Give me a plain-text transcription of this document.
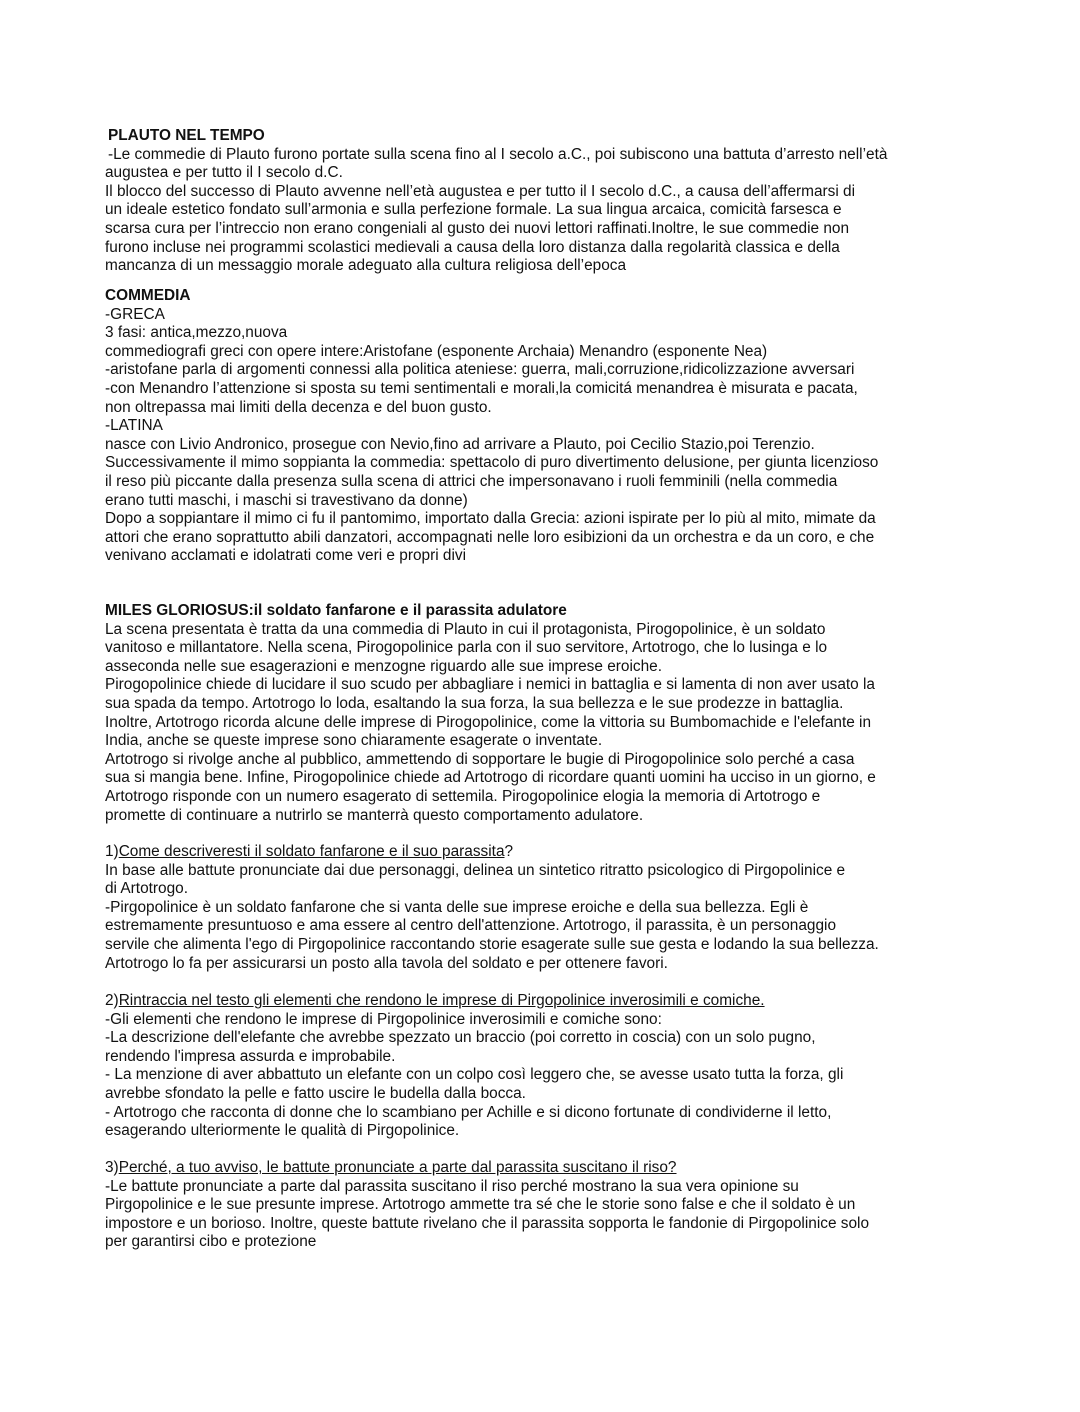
PLAUTO NEL TEMPO
-Le commedie di Plauto furono portate sulla scena fino al I secolo a.C., poi subiscono una battuta d’arresto nell’età
augustea e per tutto il I secolo d.C.
Il blocco del successo di Plauto avvenne nell’età augustea e per tutto il I secolo d.C., a causa dell’affermarsi di
un ideale estetico fondato sull’armonia e sulla perfezione formale. La sua lingua arcaica, comicità farsesca e
scarsa cura per l’intreccio non erano congeniali al gusto dei nuovi lettori raffinati.Inoltre, le sue commedie non
furono incluse nei programmi scolastici medievali a causa della loro distanza dalla regolarità classica e della
mancanza di un messaggio morale adeguato alla cultura religiosa dell’epoca
COMMEDIA
-GRECA
3 fasi: antica,mezzo,nuova
commediografi greci con opere intere:Aristofane (esponente Archaia) Menandro (esponente Nea)
-aristofane parla di argomenti connessi alla politica ateniese: guerra, mali,corruzione,ridicolizzazione avversari
-con Menandro l’attenzione si sposta su temi sentimentali e morali,la comicitá menandrea è misurata e pacata,
non oltrepassa mai limiti della decenza e del buon gusto.
-LATINA
nasce con Livio Andronico, prosegue con Nevio,fino ad arrivare a Plauto, poi Cecilio Stazio,poi Terenzio.
Successivamente il mimo soppianta la commedia: spettacolo di puro divertimento delusione, per giunta licenzioso
il reso più piccante dalla presenza sulla scena di attrici che impersonavano i ruoli femminili (nella commedia
erano tutti maschi, i maschi si travestivano da donne)
Dopo a soppiantare il mimo ci fu il pantomimo, importato dalla Grecia: azioni ispirate per lo più al mito, mimate da
attori che erano soprattutto abili danzatori, accompagnati nelle loro esibizioni da un orchestra e da un coro, e che
venivano acclamati e idolatrati come veri e propri divi
MILES GLORIOSUS:il soldato fanfarone e il parassita adulatore
La scena presentata è tratta da una commedia di Plauto in cui il protagonista, Pirogopolinice, è un soldato
vanitoso e millantatore. Nella scena, Pirogopolinice parla con il suo servitore, Artotrogo, che lo lusinga e lo
asseconda nelle sue esagerazioni e menzogne riguardo alle sue imprese eroiche.
Pirogopolinice chiede di lucidare il suo scudo per abbagliare i nemici in battaglia e si lamenta di non aver usato la
sua spada da tempo. Artotrogo lo loda, esaltando la sua forza, la sua bellezza e le sue prodezze in battaglia.
Inoltre, Artotrogo ricorda alcune delle imprese di Pirogopolinice, come la vittoria su Bumbomachide e l'elefante in
India, anche se queste imprese sono chiaramente esagerate o inventate.
Artotrogo si rivolge anche al pubblico, ammettendo di sopportare le bugie di Pirogopolinice solo perché a casa
sua si mangia bene. Infine, Pirogopolinice chiede ad Artotrogo di ricordare quanti uomini ha ucciso in un giorno, e
Artotrogo risponde con un numero esagerato di settemila. Pirogopolinice elogia la memoria di Artotrogo e
promette di continuare a nutrirlo se manterrà questo comportamento adulatore.
1)Come descriveresti il soldato fanfarone e il suo parassita?
In base alle battute pronunciate dai due personaggi, delinea un sintetico ritratto psicologico di Pirgopolinice e
di Artotrogo.
-Pirgopolinice è un soldato fanfarone che si vanta delle sue imprese eroiche e della sua bellezza. Egli è
estremamente presuntuoso e ama essere al centro dell'attenzione. Artotrogo, il parassita, è un personaggio
servile che alimenta l'ego di Pirgopolinice raccontando storie esagerate sulle sue gesta e lodando la sua bellezza.
Artotrogo lo fa per assicurarsi un posto alla tavola del soldato e per ottenere favori.
2)Rintraccia nel testo gli elementi che rendono le imprese di Pirgopolinice inverosimili e comiche.
-Gli elementi che rendono le imprese di Pirgopolinice inverosimili e comiche sono:
-La descrizione dell'elefante che avrebbe spezzato un braccio (poi corretto in coscia) con un solo pugno,
rendendo l'impresa assurda e improbabile.
- La menzione di aver abbattuto un elefante con un colpo così leggero che, se avesse usato tutta la forza, gli
avrebbe sfondato la pelle e fatto uscire le budella dalla bocca.
- Artotrogo che racconta di donne che lo scambiano per Achille e si dicono fortunate di condividerne il letto,
esagerando ulteriormente le qualità di Pirgopolinice.
3)Perché, a tuo avviso, le battute pronunciate a parte dal parassita suscitano il riso?
-Le battute pronunciate a parte dal parassita suscitano il riso perché mostrano la sua vera opinione su
Pirgopolinice e le sue presunte imprese. Artotrogo ammette tra sé che le storie sono false e che il soldato è un
impostore e un borioso. Inoltre, queste battute rivelano che il parassita sopporta le fandonie di Pirgopolinice solo
per garantirsi cibo e protezione
